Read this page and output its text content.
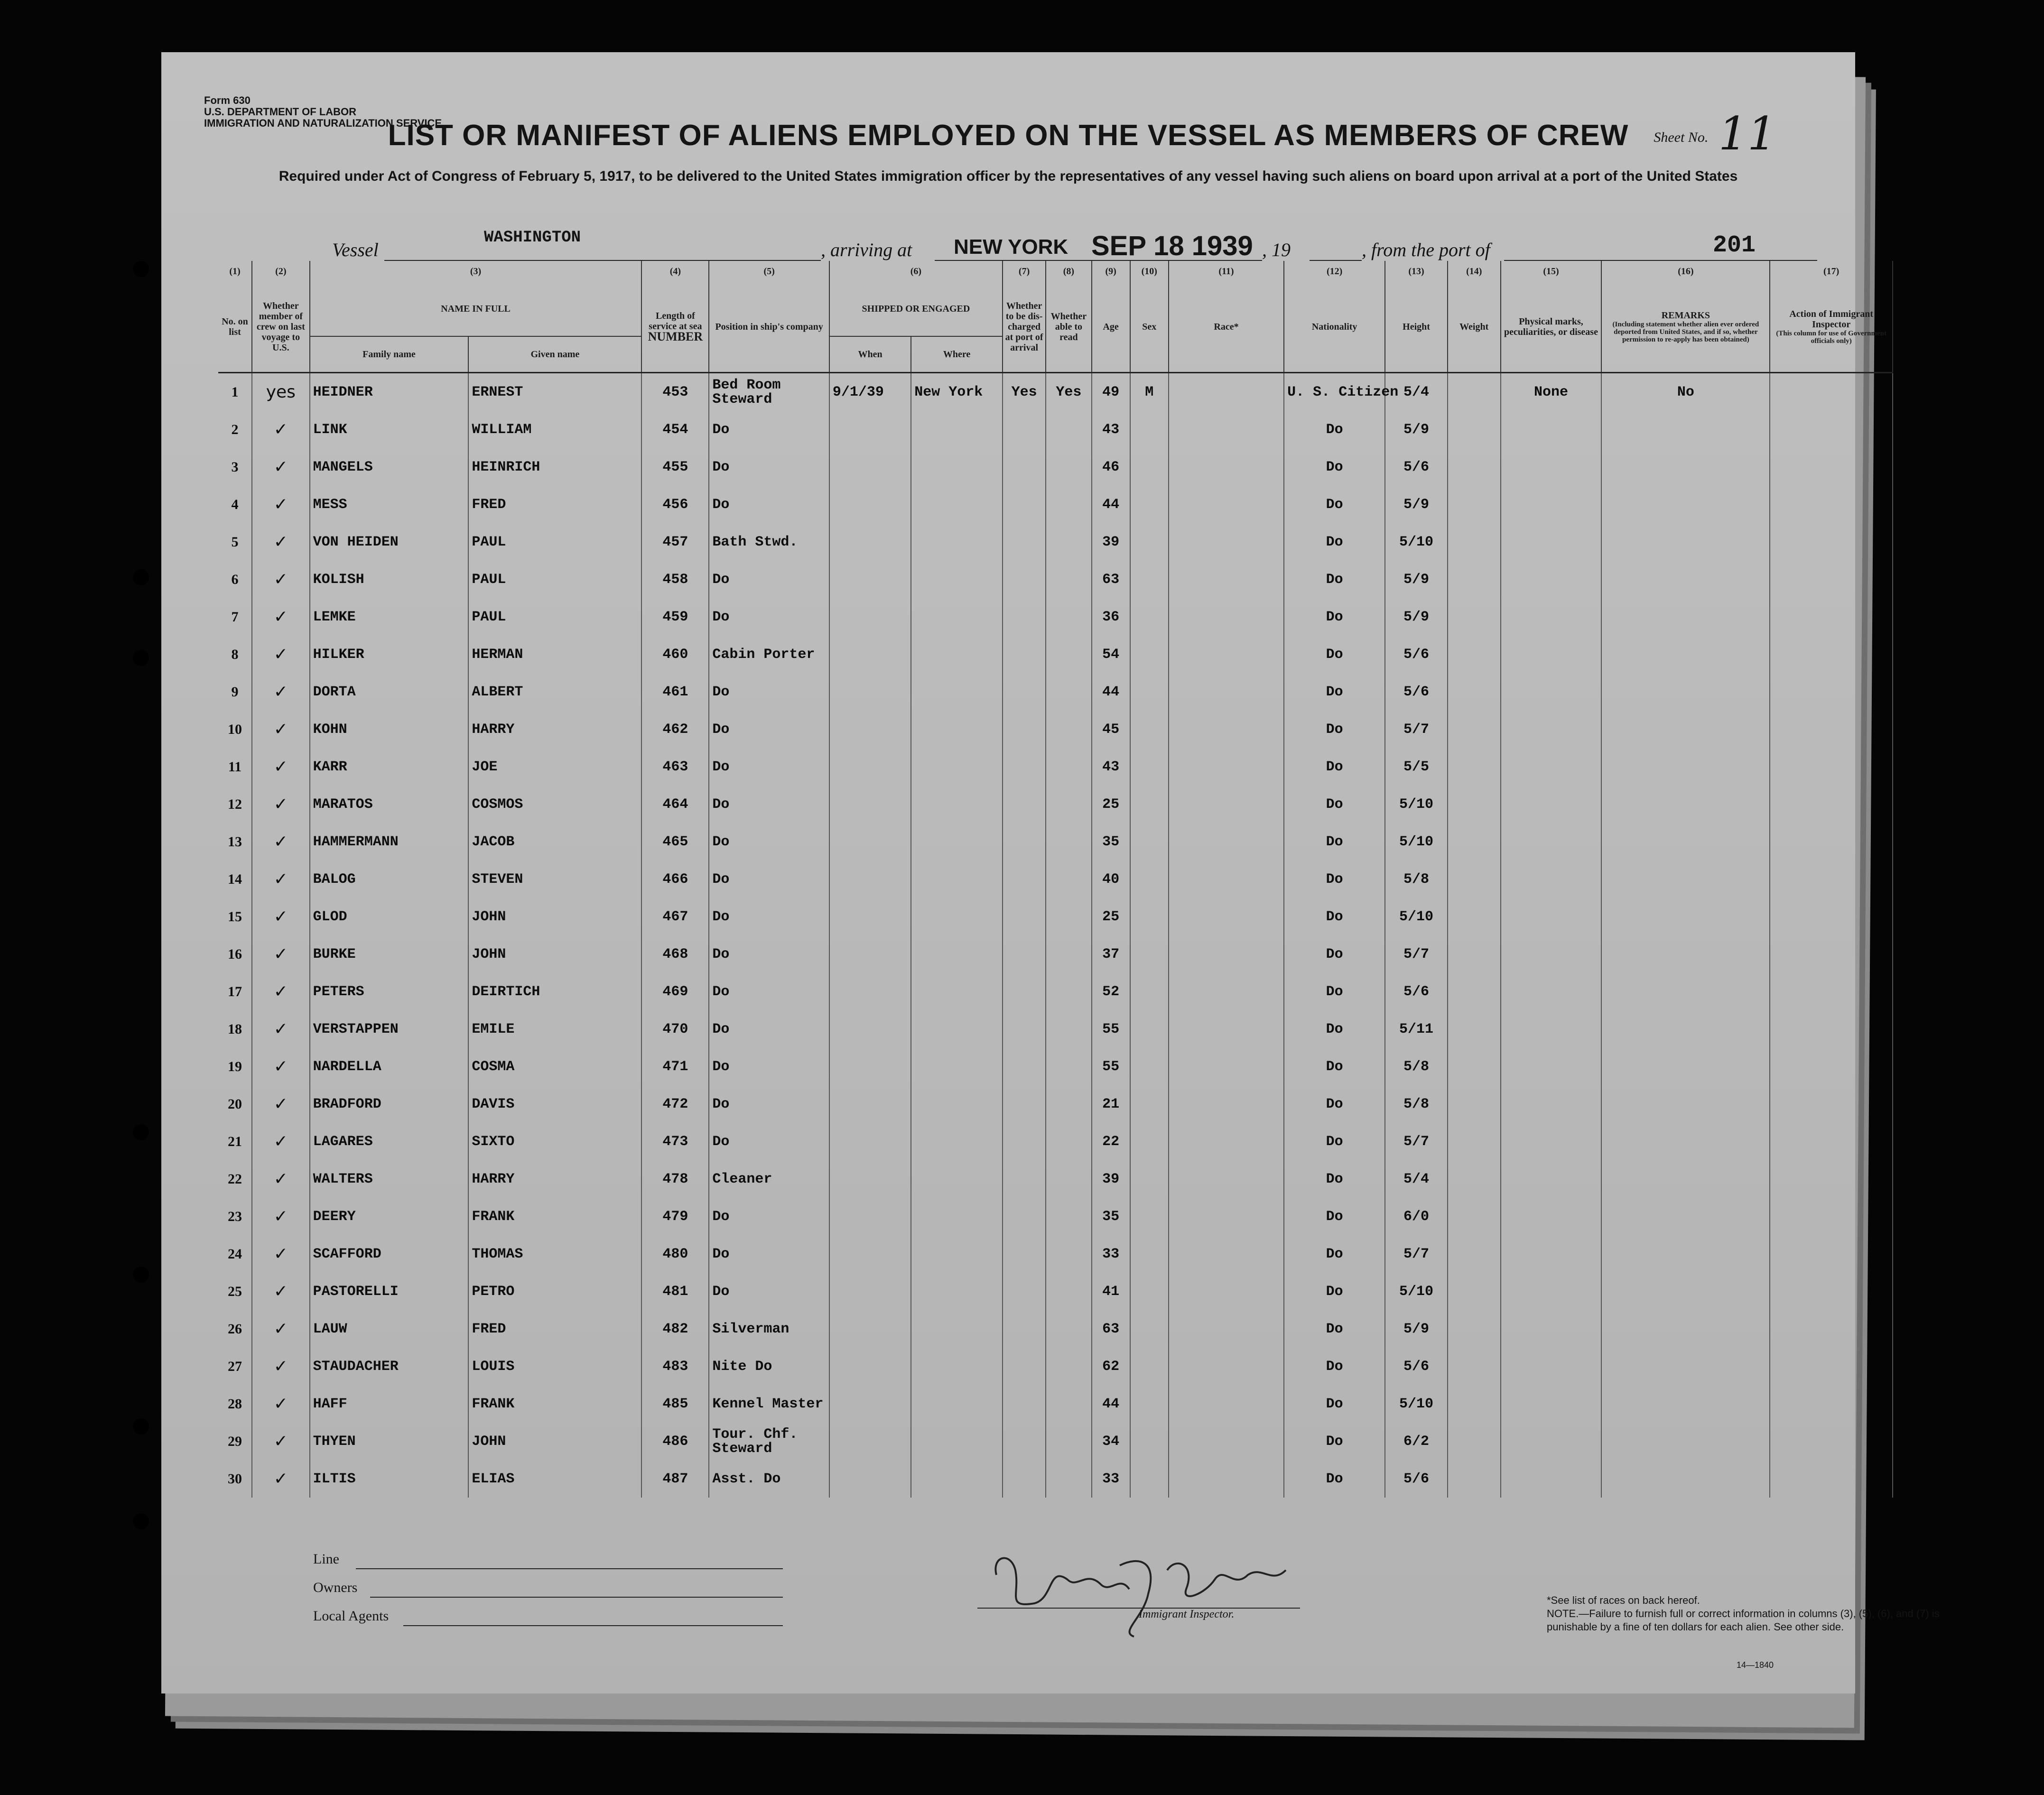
Form 630
U.S. DEPARTMENT OF LABOR
IMMIGRATION AND NATURALIZATION SERVICE
Sheet No. 11
LIST OR MANIFEST OF ALIENS EMPLOYED ON THE VESSEL AS MEMBERS OF CREW
Required under Act of Congress of February 5, 1917, to be delivered to the United States immigration officer by the representatives of any vessel having such aliens on board upon arrival at a port of the United States
Vessel
WASHINGTON
, arriving at NEW YORK SEP 18 1939 , 19	, from the port of	201
(1)	(2)	(3)		(4)	(5)	(6)		(7)	(8)	(9)	(10)	(11)	(12)	(13)	(14)	(15)	(16)	(17)
No. on list	Whether member of crew on last voyage to U.S.	NAME IN FULL		Length of service at sea
NUMBER	Position in ship's company	SHIPPED OR ENGAGED		Whether to be dis-charged at port of arrival	Whether able to read	Age	Sex	Race*	Nationality	Height	Weight	Physical marks, peculiarities, or disease	REMARKS

(Including statement whether alien ever ordered deported from United States, and if so, whether permission to re-apply has been obtained)	Action of Immigrant Inspector

(This column for use of Government officials only)

		Family name	Given name			When	Where											
1	yes	HEIDNER	ERNEST	453	Bed Room Steward	9/1/39	New York	Yes	Yes	49	M		U. S. Citizen	5/4		None	No	
2	✓	LINK	WILLIAM	454	Do					43			Do	5/9				
3	✓	MANGELS	HEINRICH	455	Do					46			Do	5/6				
4	✓	MESS	FRED	456	Do					44			Do	5/9				
5	✓	VON HEIDEN	PAUL	457	Bath Stwd.					39			Do	5/10				
6	✓	KOLISH	PAUL	458	Do					63			Do	5/9				
7	✓	LEMKE	PAUL	459	Do					36			Do	5/9				
8	✓	HILKER	HERMAN	460	Cabin Porter					54			Do	5/6				
9	✓	DORTA	ALBERT	461	Do					44			Do	5/6				
10	✓	KOHN	HARRY	462	Do					45			Do	5/7				
11	✓	KARR	JOE	463	Do					43			Do	5/5				
12	✓	MARATOS	COSMOS	464	Do					25			Do	5/10				
13	✓	HAMMERMANN	JACOB	465	Do					35			Do	5/10				
14	✓	BALOG	STEVEN	466	Do					40			Do	5/8				
15	✓	GLOD	JOHN	467	Do					25			Do	5/10				
16	✓	BURKE	JOHN	468	Do					37			Do	5/7				
17	✓	PETERS	DEIRTICH	469	Do					52			Do	5/6				
18	✓	VERSTAPPEN	EMILE	470	Do					55			Do	5/11				
19	✓	NARDELLA	COSMA	471	Do					55			Do	5/8				
20	✓	BRADFORD	DAVIS	472	Do					21			Do	5/8				
21	✓	LAGARES	SIXTO	473	Do					22			Do	5/7				
22	✓	WALTERS	HARRY	478	Cleaner					39			Do	5/4				
23	✓	DEERY	FRANK	479	Do					35			Do	6/0				
24	✓	SCAFFORD	THOMAS	480	Do					33			Do	5/7				
25	✓	PASTORELLI	PETRO	481	Do					41			Do	5/10				
26	✓	LAUW	FRED	482	Silverman					63			Do	5/9				
27	✓	STAUDACHER	LOUIS	483	Nite Do					62			Do	5/6				
28	✓	HAFF	FRANK	485	Kennel Master					44			Do	5/10				
29	✓	THYEN	JOHN	486	Tour. Chf. Steward					34			Do	6/2				
30	✓	ILTIS	ELIAS	487	Asst. Do					33			Do	5/6				
Line
Owners
Local Agents	Immigrant Inspector.
*See list of races on back hereof.
NOTE.—Failure to furnish full or correct information in columns (3), (5), (6), and (7) is punishable by a fine of ten dollars for each alien. See other side.
14—1840
